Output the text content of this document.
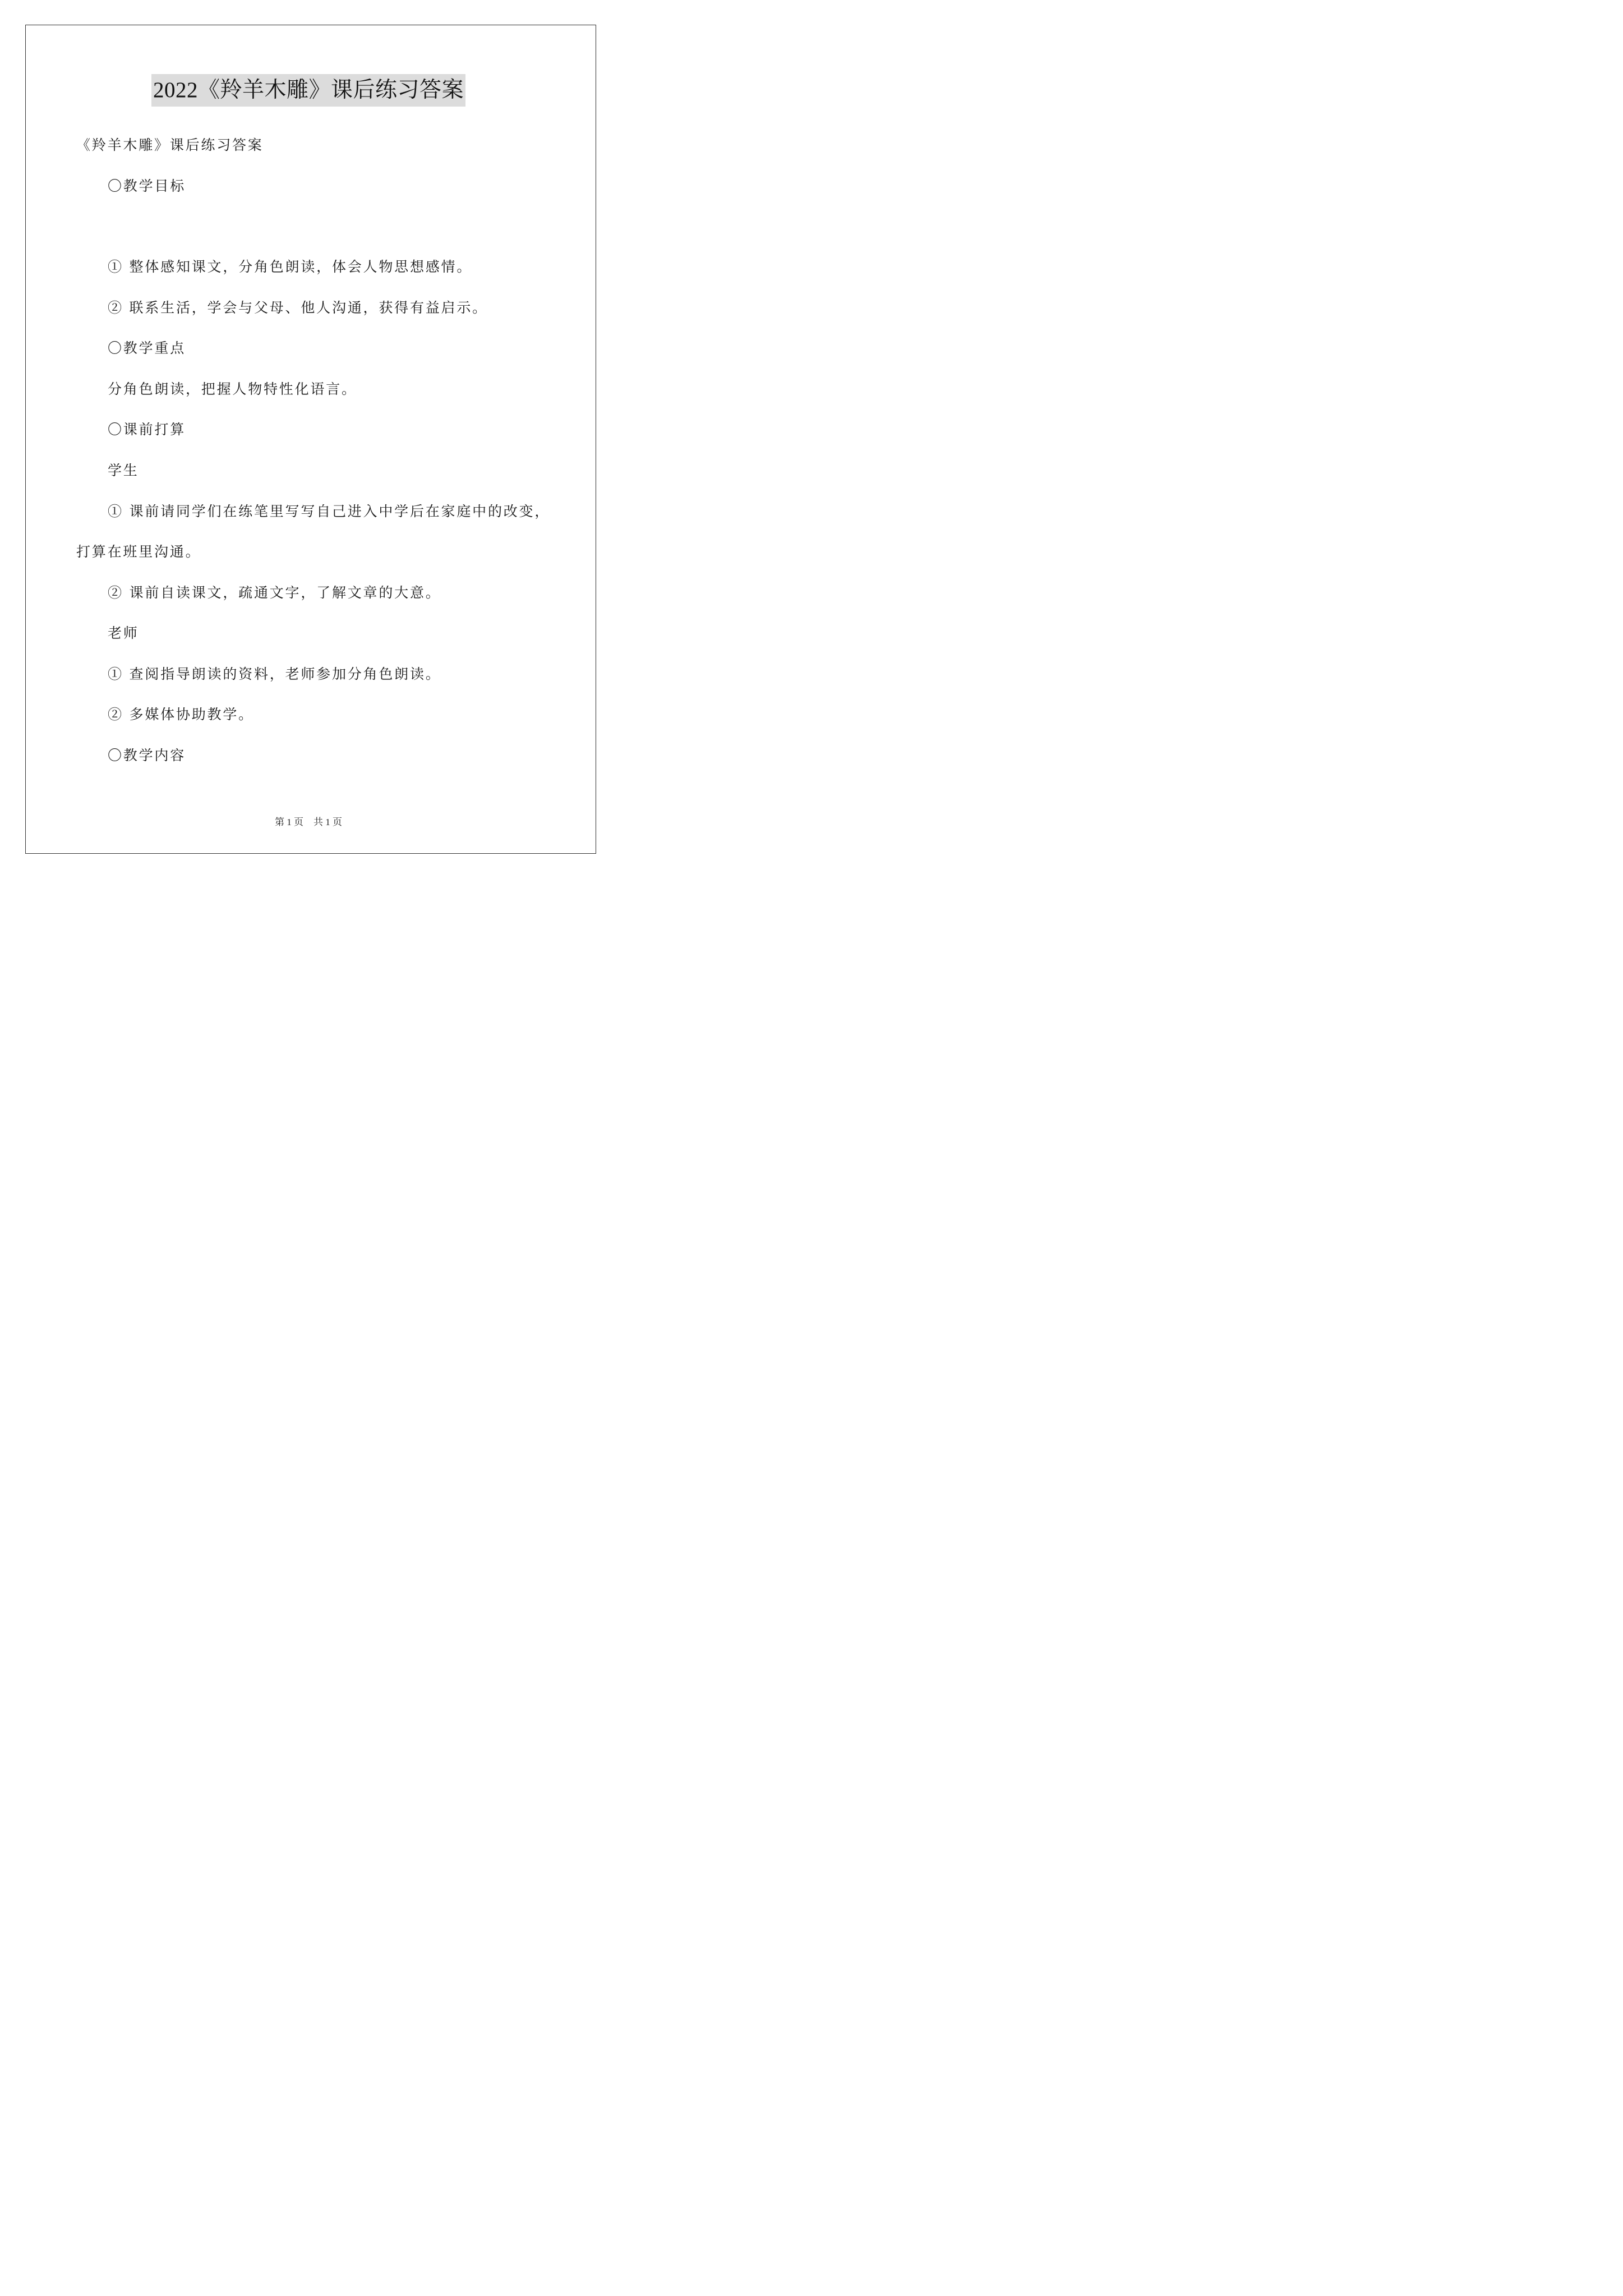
2022《羚羊木雕》课后练习答案
《羚羊木雕》课后练习答案
〇教学目标
① 整体感知课文，分角色朗读，体会人物思想感情。
② 联系生活，学会与父母、他人沟通，获得有益启示。
〇教学重点
分角色朗读，把握人物特性化语言。
〇课前打算
学生
① 课前请同学们在练笔里写写自己进入中学后在家庭中的改变，
打算在班里沟通。
② 课前自读课文，疏通文字，了解文章的大意。
老师
① 查阅指导朗读的资料，老师参加分角色朗读。
② 多媒体协助教学。
〇教学内容
第 1 页 共 1 页
